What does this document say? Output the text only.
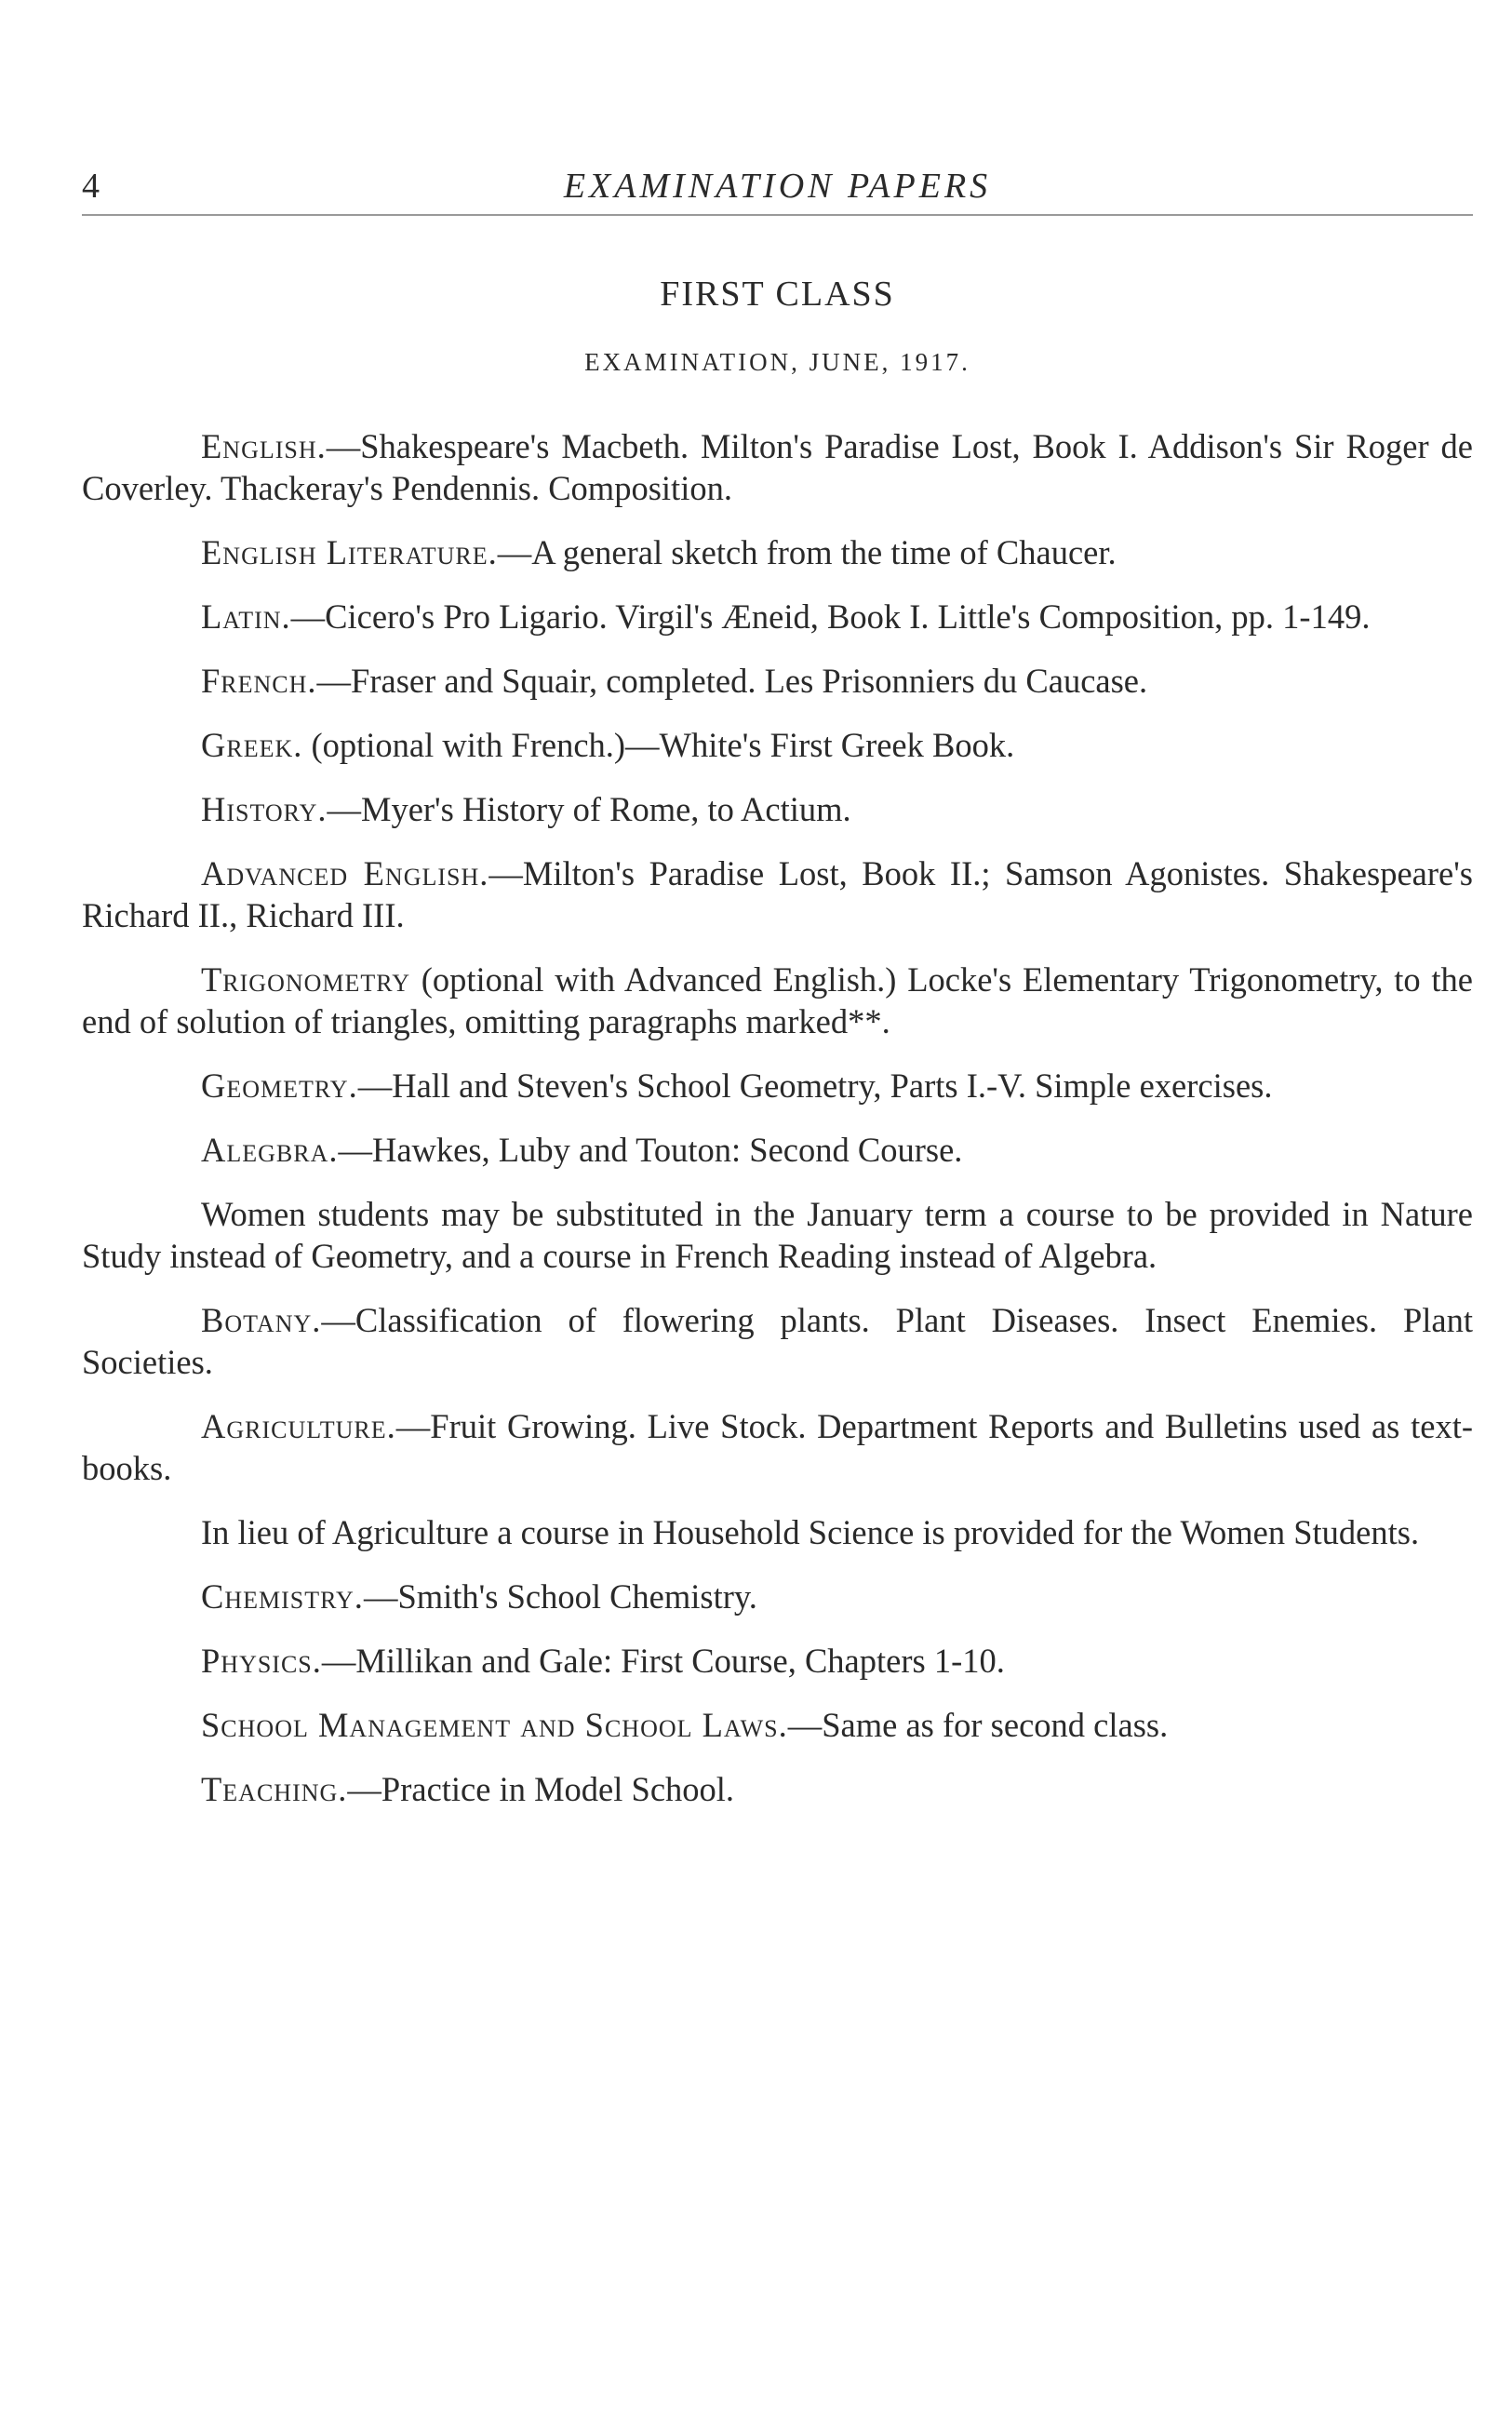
4	EXAMINATION PAPERS
FIRST CLASS
EXAMINATION, JUNE, 1917.

English.—Shakespeare's Macbeth. Milton's Paradise Lost, Book I. Addison's Sir Roger de Coverley. Thackeray's Pendennis. Composition.

English Literature.—A general sketch from the time of Chaucer.

Latin.—Cicero's Pro Ligario. Virgil's Æneid, Book I. Little's Composition, pp. 1-149.

French.—Fraser and Squair, completed. Les Prisonniers du Caucase.

Greek. (optional with French.)—White's First Greek Book.

History.—Myer's History of Rome, to Actium.

Advanced English.—Milton's Paradise Lost, Book II.; Samson Agonistes. Shakespeare's Richard II., Richard III.

Trigonometry (optional with Advanced English.) Locke's Elementary Trigonometry, to the end of solution of triangles, omitting paragraphs marked**.

Geometry.—Hall and Steven's School Geometry, Parts I.-V. Simple exercises.

Alegbra.—Hawkes, Luby and Touton: Second Course.

Women students may be substituted in the January term a course to be provided in Nature Study instead of Geometry, and a course in French Reading instead of Algebra.

Botany.—Classification of flowering plants. Plant Diseases. Insect Enemies. Plant Societies.

Agriculture.—Fruit Growing. Live Stock. Department Reports and Bulletins used as text-books.

In lieu of Agriculture a course in Household Science is provided for the Women Students.

Chemistry.—Smith's School Chemistry.

Physics.—Millikan and Gale: First Course, Chapters 1-10.

School Management and School Laws.—Same as for second class.

Teaching.—Practice in Model School.
